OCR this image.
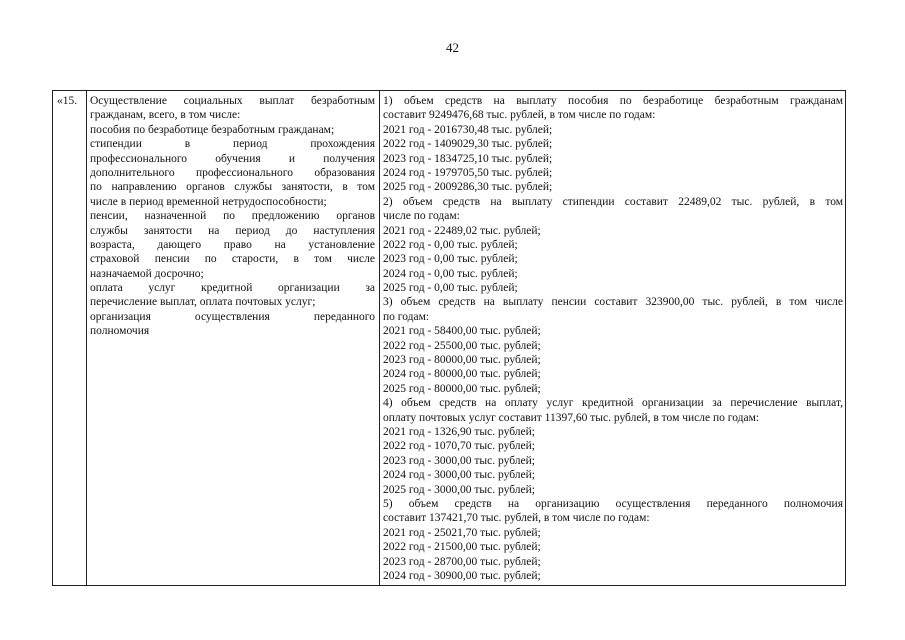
42
«15. Осуществление социальных выплат безработным
гражданам, всего, в том числе:
пособия по безработице безработным гражданам;
стипендии в период прохождения
профессионального обучения и получения
дополнительного профессионального образования
по направлению органов службы занятости, в том
числе в период временной нетрудоспособности;
пенсии, назначенной по предложению органов
службы занятости на период до наступления
возраста, дающего право на установление
страховой пенсии по старости, в том числе
назначаемой досрочно;
оплата услуг кредитной организации за
перечисление выплат, оплата почтовых услуг;
организация осуществления переданного
полномочия
1) объем средств на выплату пособия по безработице безработным гражданам
составит 9249476,68 тыс. рублей, в том числе по годам:
2021 год - 2016730,48 тыс. рублей;
2022 год - 1409029,30 тыс. рублей;
2023 год - 1834725,10 тыс. рублей;
2024 год - 1979705,50 тыс. рублей;
2025 год - 2009286,30 тыс. рублей;
2) объем средств на выплату стипендии составит 22489,02 тыс. рублей, в том
числе по годам:
2021 год - 22489,02 тыс. рублей;
2022 год - 0,00 тыс. рублей;
2023 год - 0,00 тыс. рублей;
2024 год - 0,00 тыс. рублей;
2025 год - 0,00 тыс. рублей;
3) объем средств на выплату пенсии составит 323900,00 тыс. рублей, в том числе
по годам:
2021 год - 58400,00 тыс. рублей;
2022 год - 25500,00 тыс. рублей;
2023 год - 80000,00 тыс. рублей;
2024 год - 80000,00 тыс. рублей;
2025 год - 80000,00 тыс. рублей;
4) объем средств на оплату услуг кредитной организации за перечисление выплат,
оплату почтовых услуг составит 11397,60 тыс. рублей, в том числе по годам:
2021 год - 1326,90 тыс. рублей;
2022 год - 1070,70 тыс. рублей;
2023 год - 3000,00 тыс. рублей;
2024 год - 3000,00 тыс. рублей;
2025 год - 3000,00 тыс. рублей;
5) объем средств на организацию осуществления переданного полномочия
составит 137421,70 тыс. рублей, в том числе по годам:
2021 год - 25021,70 тыс. рублей;
2022 год - 21500,00 тыс. рублей;
2023 год - 28700,00 тыс. рублей;
2024 год - 30900,00 тыс. рублей;
